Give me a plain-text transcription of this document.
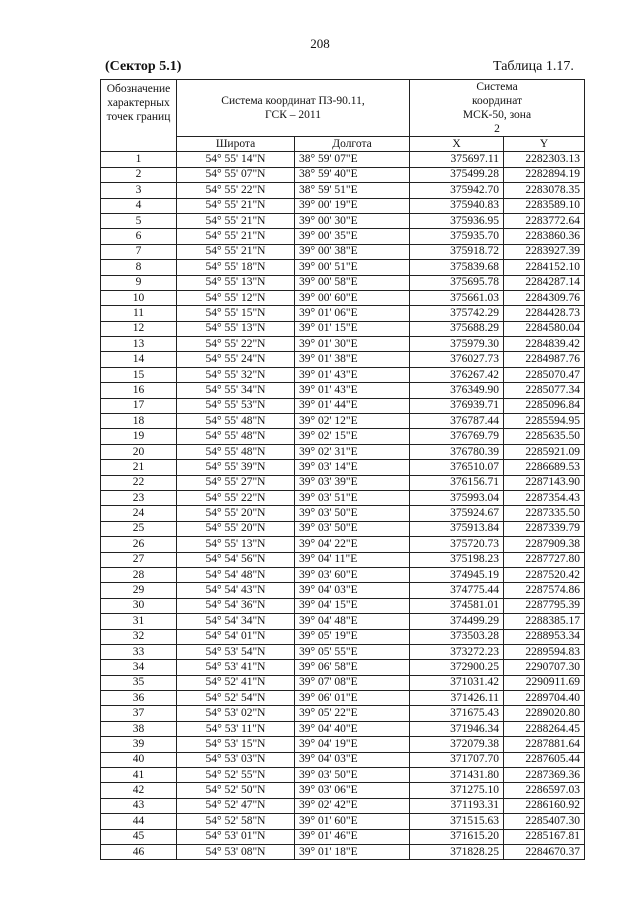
208
(Сектор 5.1)	Таблица 1.17.
Обозначение характерных точек границ	Система координат ПЗ-90.11, ГСК – 2011		Система координат МСК-50, зона 2	
	Широта	Долгота	X	Y
1	54° 55' 14"N	38° 59' 07"E	375697.11	2282303.13
2	54° 55' 07"N	38° 59' 40"E	375499.28	2282894.19
3	54° 55' 22"N	38° 59' 51"E	375942.70	2283078.35
4	54° 55' 21"N	39° 00' 19"E	375940.83	2283589.10
5	54° 55' 21"N	39° 00' 30"E	375936.95	2283772.64
6	54° 55' 21"N	39° 00' 35"E	375935.70	2283860.36
7	54° 55' 21"N	39° 00' 38"E	375918.72	2283927.39
8	54° 55' 18"N	39° 00' 51"E	375839.68	2284152.10
9	54° 55' 13"N	39° 00' 58"E	375695.78	2284287.14
10	54° 55' 12"N	39° 00' 60"E	375661.03	2284309.76
11	54° 55' 15"N	39° 01' 06"E	375742.29	2284428.73
12	54° 55' 13"N	39° 01' 15"E	375688.29	2284580.04
13	54° 55' 22"N	39° 01' 30"E	375979.30	2284839.42
14	54° 55' 24"N	39° 01' 38"E	376027.73	2284987.76
15	54° 55' 32"N	39° 01' 43"E	376267.42	2285070.47
16	54° 55' 34"N	39° 01' 43"E	376349.90	2285077.34
17	54° 55' 53"N	39° 01' 44"E	376939.71	2285096.84
18	54° 55' 48"N	39° 02' 12"E	376787.44	2285594.95
19	54° 55' 48"N	39° 02' 15"E	376769.79	2285635.50
20	54° 55' 48"N	39° 02' 31"E	376780.39	2285921.09
21	54° 55' 39"N	39° 03' 14"E	376510.07	2286689.53
22	54° 55' 27"N	39° 03' 39"E	376156.71	2287143.90
23	54° 55' 22"N	39° 03' 51"E	375993.04	2287354.43
24	54° 55' 20"N	39° 03' 50"E	375924.67	2287335.50
25	54° 55' 20"N	39° 03' 50"E	375913.84	2287339.79
26	54° 55' 13"N	39° 04' 22"E	375720.73	2287909.38
27	54° 54' 56"N	39° 04' 11"E	375198.23	2287727.80
28	54° 54' 48"N	39° 03' 60"E	374945.19	2287520.42
29	54° 54' 43"N	39° 04' 03"E	374775.44	2287574.86
30	54° 54' 36"N	39° 04' 15"E	374581.01	2287795.39
31	54° 54' 34"N	39° 04' 48"E	374499.29	2288385.17
32	54° 54' 01"N	39° 05' 19"E	373503.28	2288953.34
33	54° 53' 54"N	39° 05' 55"E	373272.23	2289594.83
34	54° 53' 41"N	39° 06' 58"E	372900.25	2290707.30
35	54° 52' 41"N	39° 07' 08"E	371031.42	2290911.69
36	54° 52' 54"N	39° 06' 01"E	371426.11	2289704.40
37	54° 53' 02"N	39° 05' 22"E	371675.43	2289020.80
38	54° 53' 11"N	39° 04' 40"E	371946.34	2288264.45
39	54° 53' 15"N	39° 04' 19"E	372079.38	2287881.64
40	54° 53' 03"N	39° 04' 03"E	371707.70	2287605.44
41	54° 52' 55"N	39° 03' 50"E	371431.80	2287369.36
42	54° 52' 50"N	39° 03' 06"E	371275.10	2286597.03
43	54° 52' 47"N	39° 02' 42"E	371193.31	2286160.92
44	54° 52' 58"N	39° 01' 60"E	371515.63	2285407.30
45	54° 53' 01"N	39° 01' 46"E	371615.20	2285167.81
46	54° 53' 08"N	39° 01' 18"E	371828.25	2284670.37
